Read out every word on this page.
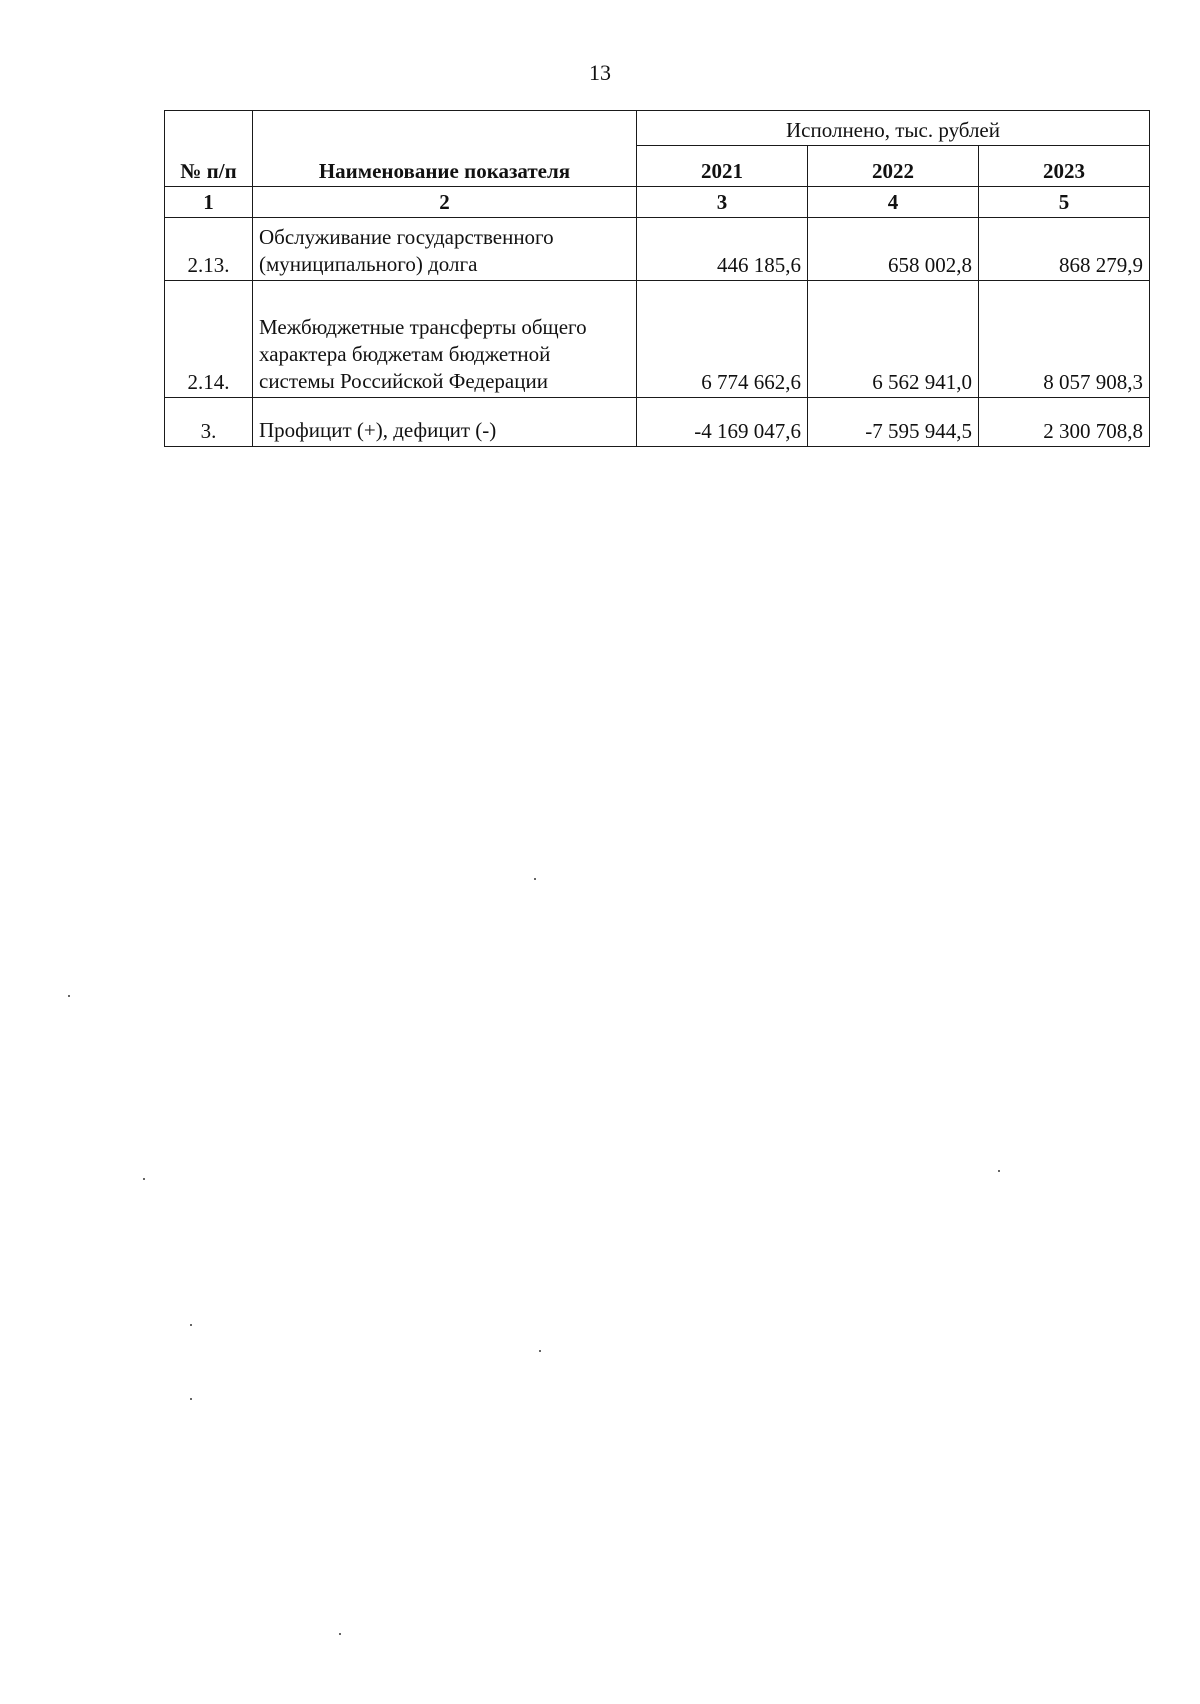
13
№ п/п	Наименование показателя	Исполнено, тыс. рублей		
		2021	2022	2023
1	2	3	4	5
2.13.	Обслуживание государственного (муниципального) долга	446 185,6	658 002,8	868 279,9
2.14.	Межбюджетные трансферты общего характера бюджетам бюджетной системы Российской Федерации	6 774 662,6	6 562 941,0	8 057 908,3
3.	Профицит (+), дефицит (-)	-4 169 047,6	-7 595 944,5	2 300 708,8
